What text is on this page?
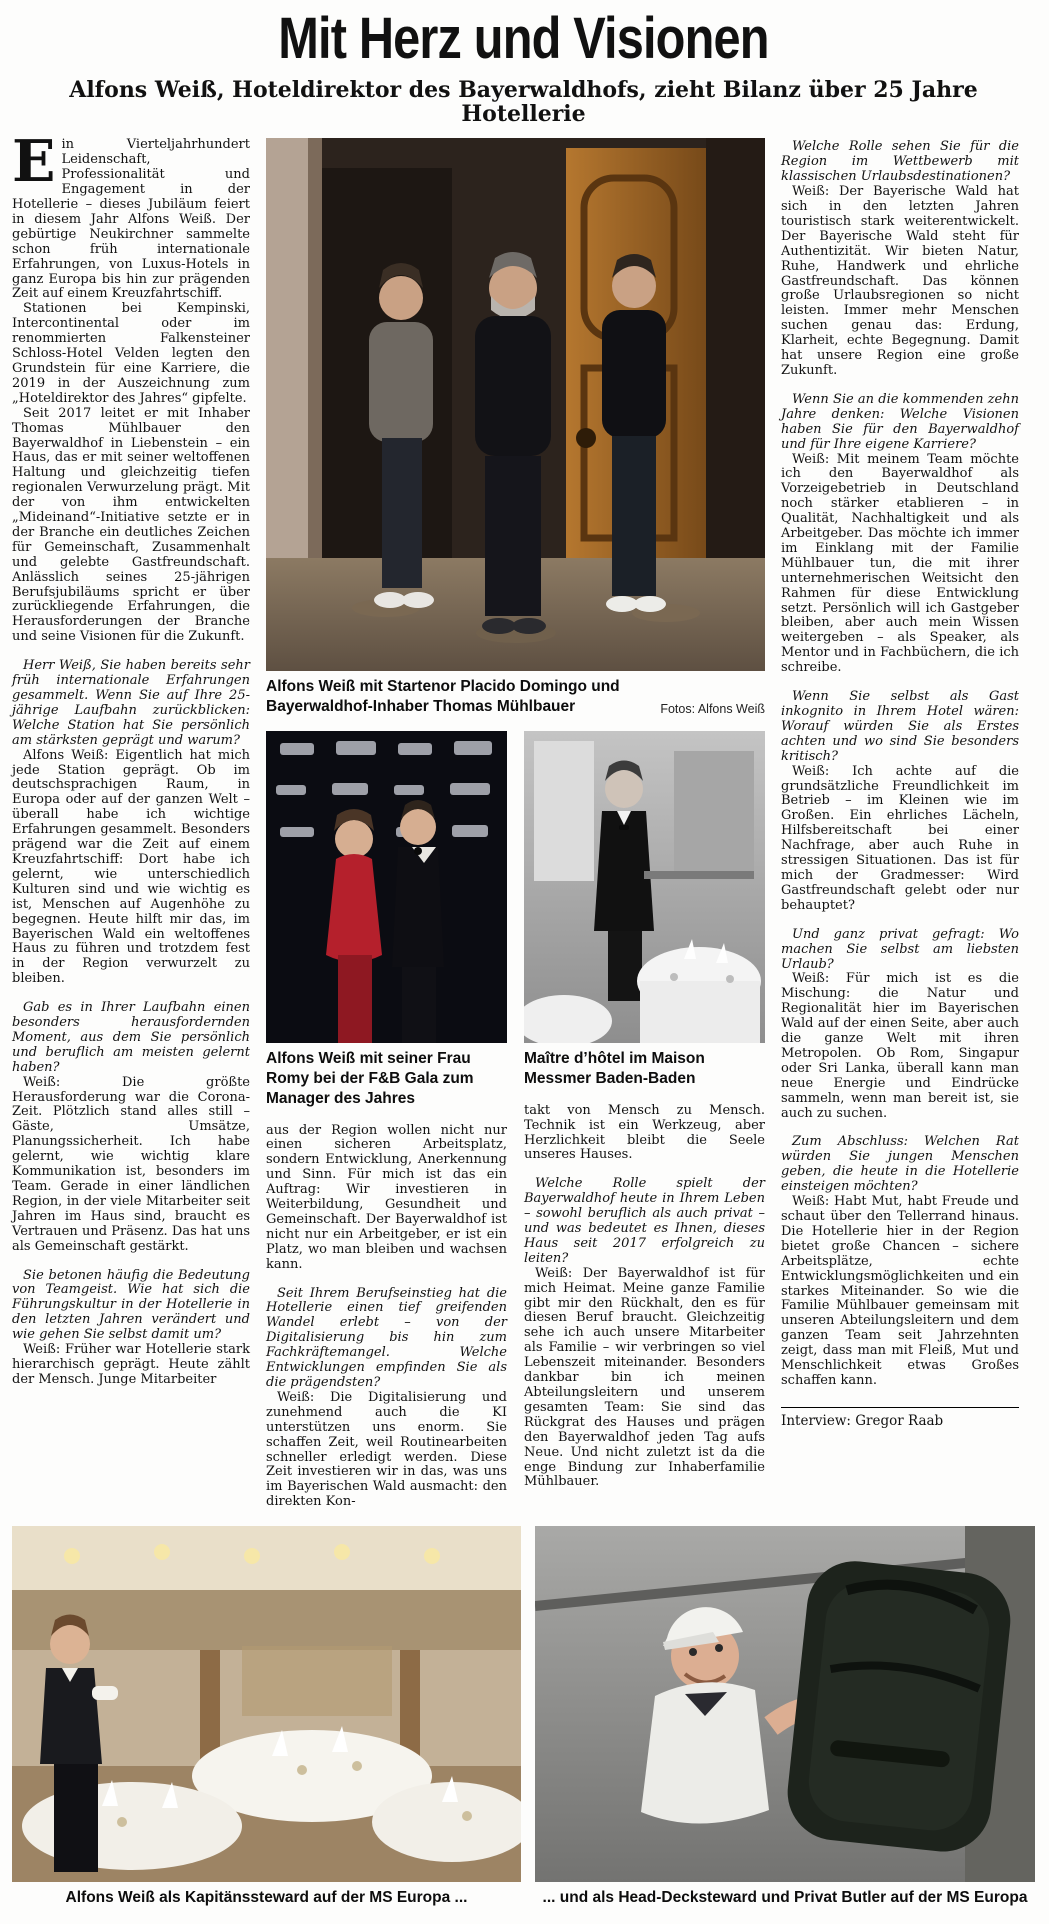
Mit Herz und Visionen
Alfons Weiß, Hoteldirektor des Bayerwaldhofs, zieht Bilanz über 25 Jahre Hotellerie

Ein Vierteljahrhundert Leidenschaft, Professionalität und Engagement in der Hotellerie – dieses Jubiläum feiert in diesem Jahr Alfons Weiß. Der gebürtige Neukirchner sammelte schon früh internationale Erfahrungen, von Luxus-Hotels in ganz Europa bis hin zur prägenden Zeit auf einem Kreuzfahrtschiff.

Stationen bei Kempinski, Intercontinental oder im renommierten Falkensteiner Schloss-Hotel Velden legten den Grundstein für eine Karriere, die 2019 in der Auszeichnung zum „Hoteldirektor des Jahres“ gipfelte.

Seit 2017 leitet er mit Inhaber Thomas Mühlbauer den Bayerwaldhof in Liebenstein – ein Haus, das er mit seiner weltoffenen Haltung und gleichzeitig tiefen regionalen Verwurzelung prägt. Mit der von ihm entwickelten „Mideinand“-Initiative setzte er in der Branche ein deutliches Zeichen für Gemeinschaft, Zusammenhalt und gelebte Gastfreundschaft. Anlässlich seines 25-jährigen Berufsjubiläums spricht er über zurückliegende Erfahrungen, die Herausforderungen der Branche und seine Visionen für die Zukunft.

Herr Weiß, Sie haben bereits sehr früh internationale Erfahrungen gesammelt. Wenn Sie auf Ihre 25-jährige Laufbahn zurückblicken: Welche Station hat Sie persönlich am stärksten geprägt und warum?

Alfons Weiß: Eigentlich hat mich jede Station geprägt. Ob im deutschsprachigen Raum, in Europa oder auf der ganzen Welt – überall habe ich wichtige Erfahrungen gesammelt. Besonders prägend war die Zeit auf einem Kreuzfahrtschiff: Dort habe ich gelernt, wie unterschiedlich Kulturen sind und wie wichtig es ist, Menschen auf Augenhöhe zu begegnen. Heute hilft mir das, im Bayerischen Wald ein weltoffenes Haus zu führen und trotzdem fest in der Region verwurzelt zu bleiben.

Gab es in Ihrer Laufbahn einen besonders herausfordernden Moment, aus dem Sie persönlich und beruflich am meisten gelernt haben?

Weiß: Die größte Herausforderung war die Corona-Zeit. Plötzlich stand alles still – Gäste, Umsätze, Planungssicherheit. Ich habe gelernt, wie wichtig klare Kommunikation ist, besonders im Team. Gerade in einer ländlichen Region, in der viele Mitarbeiter seit Jahren im Haus sind, braucht es Vertrauen und Präsenz. Das hat uns als Gemeinschaft gestärkt.

Sie betonen häufig die Bedeutung von Teamgeist. Wie hat sich die Führungskultur in der Hotellerie in den letzten Jahren verändert und wie gehen Sie selbst damit um?

Weiß: Früher war Hotellerie stark hierarchisch geprägt. Heute zählt der Mensch. Junge Mitarbeiter

Alfons Weiß mit Startenor Placido Domingo und Bayerwaldhof-Inhaber Thomas Mühlbauer	Fotos: Alfons Weiß

Alfons Weiß mit seiner Frau Romy bei der F&B Gala zum Manager des Jahres

aus der Region wollen nicht nur einen sicheren Arbeitsplatz, sondern Entwicklung, Anerkennung und Sinn. Für mich ist das ein Auftrag: Wir investieren in Weiterbildung, Gesundheit und Gemeinschaft. Der Bayerwaldhof ist nicht nur ein Arbeitgeber, er ist ein Platz, wo man bleiben und wachsen kann.

Seit Ihrem Berufseinstieg hat die Hotellerie einen tief greifenden Wandel erlebt – von der Digitalisierung bis hin zum Fachkräftemangel. Welche Entwicklungen empfinden Sie als die prägendsten?

Weiß: Die Digitalisierung und zunehmend auch die KI unterstützen uns enorm. Sie schaffen Zeit, weil Routinearbeiten schneller erledigt werden. Diese Zeit investieren wir in das, was uns im Bayerischen Wald ausmacht: den direkten Kon-

Maître d’hôtel im Maison Messmer Baden-Baden

takt von Mensch zu Mensch. Technik ist ein Werkzeug, aber Herzlichkeit bleibt die Seele unseres Hauses.

Welche Rolle spielt der Bayerwaldhof heute in Ihrem Leben – sowohl beruflich als auch privat – und was bedeutet es Ihnen, dieses Haus seit 2017 erfolgreich zu leiten?

Weiß: Der Bayerwaldhof ist für mich Heimat. Meine ganze Familie gibt mir den Rückhalt, den es für diesen Beruf braucht. Gleichzeitig sehe ich auch unsere Mitarbeiter als Familie – wir verbringen so viel Lebenszeit miteinander. Besonders dankbar bin ich meinen Abteilungsleitern und unserem gesamten Team: Sie sind das Rückgrat des Hauses und prägen den Bayerwaldhof jeden Tag aufs Neue. Und nicht zuletzt ist da die enge Bindung zur Inhaberfamilie Mühlbauer.

Welche Rolle sehen Sie für die Region im Wettbewerb mit klassischen Urlaubsdestinationen?

Weiß: Der Bayerische Wald hat sich in den letzten Jahren touristisch stark weiterentwickelt. Der Bayerische Wald steht für Authentizität. Wir bieten Natur, Ruhe, Handwerk und ehrliche Gastfreundschaft. Das können große Urlaubsregionen so nicht leisten. Immer mehr Menschen suchen genau das: Erdung, Klarheit, echte Begegnung. Damit hat unsere Region eine große Zukunft.

Wenn Sie an die kommenden zehn Jahre denken: Welche Visionen haben Sie für den Bayerwaldhof und für Ihre eigene Karriere?

Weiß: Mit meinem Team möchte ich den Bayerwaldhof als Vorzeigebetrieb in Deutschland noch stärker etablieren – in Qualität, Nachhaltigkeit und als Arbeitgeber. Das möchte ich immer im Einklang mit der Familie Mühlbauer tun, die mit ihrer unternehmerischen Weitsicht den Rahmen für diese Entwicklung setzt. Persönlich will ich Gastgeber bleiben, aber auch mein Wissen weitergeben – als Speaker, als Mentor und in Fachbüchern, die ich schreibe.

Wenn Sie selbst als Gast inkognito in Ihrem Hotel wären: Worauf würden Sie als Erstes achten und wo sind Sie besonders kritisch?

Weiß: Ich achte auf die grundsätzliche Freundlichkeit im Betrieb – im Kleinen wie im Großen. Ein ehrliches Lächeln, Hilfsbereitschaft bei einer Nachfrage, aber auch Ruhe in stressigen Situationen. Das ist für mich der Gradmesser: Wird Gastfreundschaft gelebt oder nur behauptet?

Und ganz privat gefragt: Wo machen Sie selbst am liebsten Urlaub?

Weiß: Für mich ist es die Mischung: die Natur und Regionalität hier im Bayerischen Wald auf der einen Seite, aber auch die ganze Welt mit ihren Metropolen. Ob Rom, Singapur oder Sri Lanka, überall kann man neue Energie und Eindrücke sammeln, wenn man bereit ist, sie auch zu suchen.

Zum Abschluss: Welchen Rat würden Sie jungen Menschen geben, die heute in die Hotellerie einsteigen möchten?

Weiß: Habt Mut, habt Freude und schaut über den Tellerrand hinaus. Die Hotellerie hier in der Region bietet große Chancen – sichere Arbeitsplätze, echte Entwicklungsmöglichkeiten und ein starkes Miteinander. So wie die Familie Mühlbauer gemeinsam mit unseren Abteilungsleitern und dem ganzen Team seit Jahrzehnten zeigt, dass man mit Fleiß, Mut und Menschlichkeit etwas Großes schaffen kann.

Interview: Gregor Raab

Alfons Weiß als Kapitänssteward auf der MS Europa ...	... und als Head-Decksteward und Privat Butler auf der MS Europa
